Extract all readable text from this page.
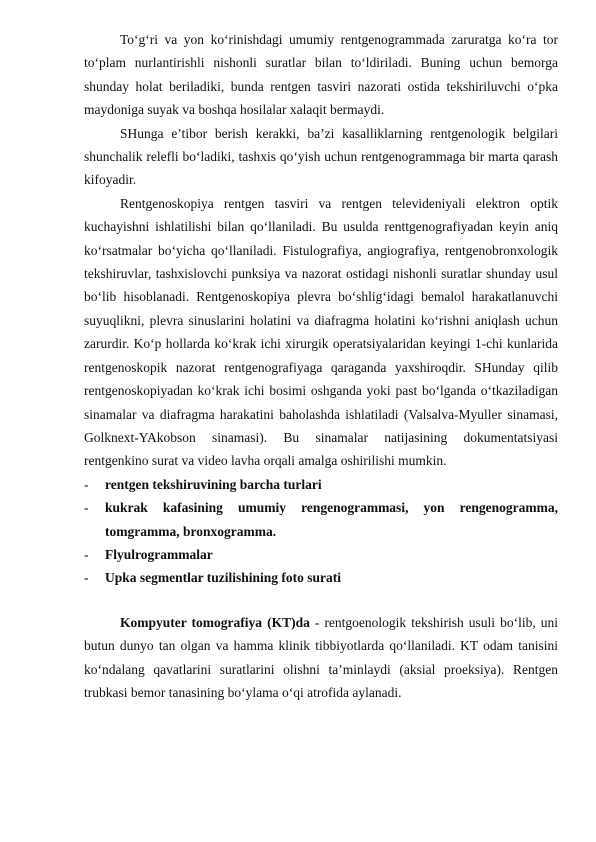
To‘g‘ri va yon ko‘rinishdagi umumiy rentgenogrammada zaruratga ko‘ra tor to‘plam nurlantirishli nishonli suratlar bilan to‘ldiriladi. Buning uchun bemorga shunday holat beriladiki, bunda rentgen tasviri nazorati ostida tekshiriluvchi o‘pka maydoniga suyak va boshqa hosilalar xalaqit bermaydi.

SHunga e’tibor berish kerakki, ba’zi kasalliklarning rentgenologik belgilari shunchalik relefli bo‘ladiki, tashxis qo‘yish uchun rentgenogrammaga bir marta qarash kifoyadir.

Rentgenoskopiya rentgen tasviri va rentgen televideniyali elektron optik kuchayishni ishlatilishi bilan qo‘llaniladi. Bu usulda renttgenografiyadan keyin aniq ko‘rsatmalar bo‘yicha qo‘llaniladi. Fistulografiya, angiografiya, rentgenobronxologik tekshiruvlar, tashxislovchi punksiya va nazorat ostidagi nishonli suratlar shunday usul bo‘lib hisoblanadi. Rentgenoskopiya plevra bo‘shlig‘idagi bemalol harakatlanuvchi suyuqlikni, plevra sinuslarini holatini va diafragma holatini ko‘rishni aniqlash uchun zarurdir. Ko‘p hollarda ko‘krak ichi xirurgik operatsiyalaridan keyingi 1-chi kunlarida rentgenoskopik nazorat rentgenografiyaga qaraganda yaxshiroqdir. SHunday qilib rentgenoskopiyadan ko‘krak ichi bosimi oshganda yoki past bo‘lganda o‘tkaziladigan sinamalar va diafragma harakatini baholashda ishlatiladi (Valsalva-Myuller sinamasi, Golknext-YAkobson sinamasi). Bu sinamalar natijasining dokumentatsiyasi rentgenkino surat va video lavha orqali amalga oshirilishi mumkin.

- rentgen tekshiruvining barcha turlari
- kukrak kafasining umumiy rengenogrammasi, yon rengenogramma, tomgramma, bronxogramma.
- Flyulrogrammalar
- Upka segmentlar tuzilishining foto surati

Kompyuter tomografiya (KT)da - rentgoenologik tekshirish usuli bo‘lib, uni butun dunyo tan olgan va hamma klinik tibbiyotlarda qo‘llaniladi. KT odam tanisini ko‘ndalang qavatlarini suratlarini olishni ta’minlaydi (aksial proeksiya). Rentgen trubkasi bemor tanasining bo‘ylama o‘qi atrofida aylanadi.
